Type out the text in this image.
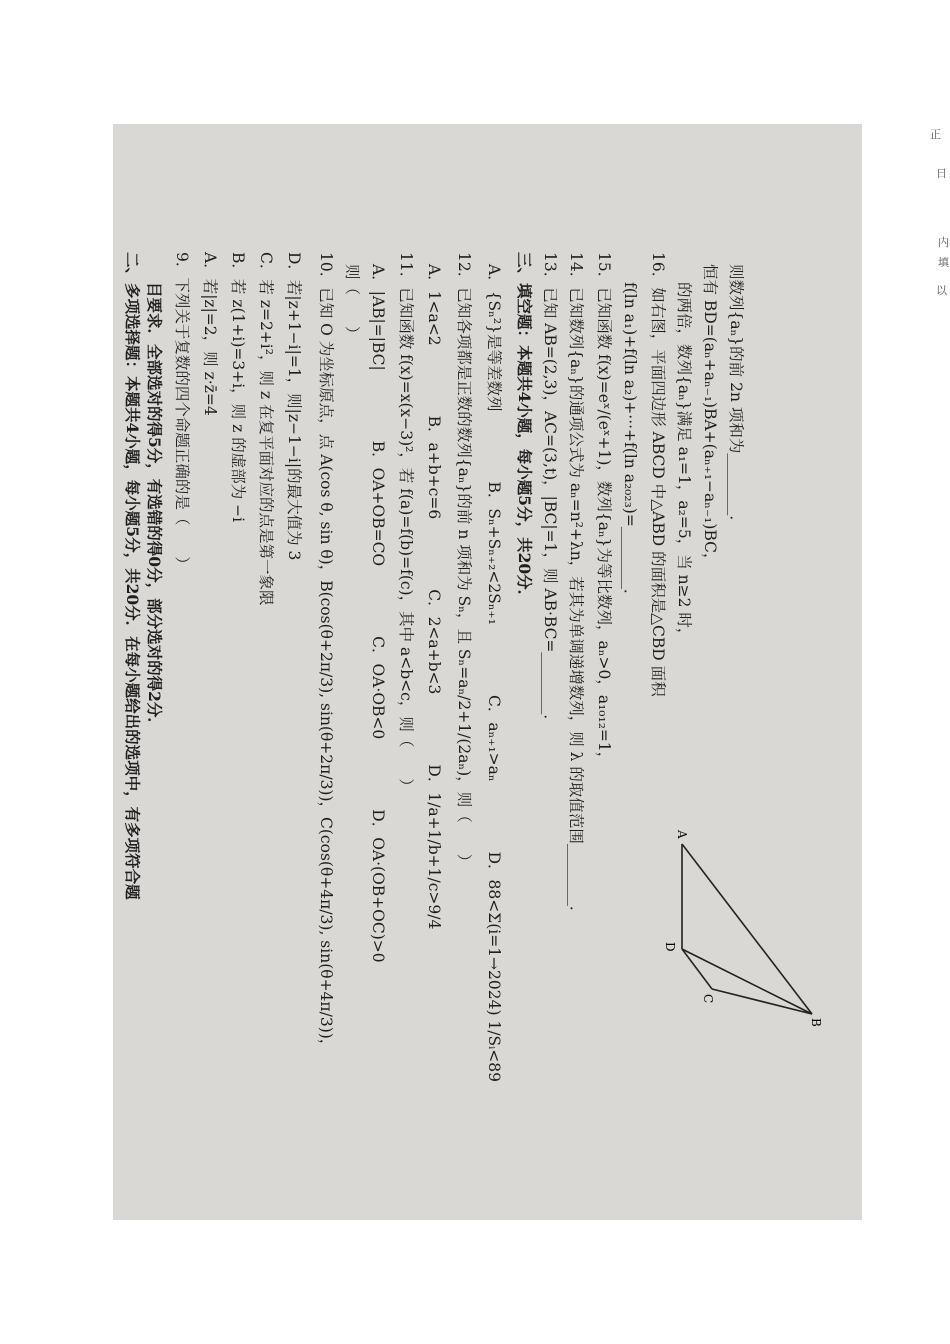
正
日
内
填
以
二、多项选择题：本题共4小题，每小题5分，共20分．在每小题给出的选项中，有多项符合题 目要求．全部选对的得5分，有选错的得0分，部分选对的得2分． 9．下列关于复数的四个命题正确的是（　　） A．若|z|=2，则 z·z̄=4 B．若 z(1+i)=3+i，则 z 的虚部为 −i C．若 z=2+i²，则 z 在复平面对应的点是第一象限 D．若|z+1−i|=1，则|z−1−i|的最大值为 3 10．已知 O 为坐标原点，点 A(cos θ, sin θ)，B(cos(θ+2π/3), sin(θ+2π/3))，C(cos(θ+4π/3), sin(θ+4π/3))， 则（　　） A．|AB|=|BC|B．OA+OB=COC．OA·OB<0D．OA·(OB+OC)>0
11．已知函数 f(x)=x(x−3)²，若 f(a)=f(b)=f(c)，其中 a<b<c，则（　　） A．1<a<2B．a+b+c=6C．2<a+b<3D．1/a+1/b+1/c>9/4 12．已知各项都是正数的数列{aₙ}的前 n 项和为 Sₙ，且 Sₙ=aₙ/2+1/(2aₙ)，则（　　） A．{Sₙ²}是等差数列B．Sₙ+Sₙ₊₂<2Sₙ₊₁C．aₙ₊₁>aₙD．88<Σ(i=1→2024) 1/Sᵢ<89
三、填空题：本题共4小题，每小题5分，共20分． 13．已知 AB=(2,3)，AC=(3,t)，|BC|=1，则 AB·BC=________． 14．已知数列{aₙ}的通项公式为 aₙ=n²+λn，若其为单调递增数列，则 λ 的取值范围________． 15．已知函数 f(x)=eˣ/(eˣ+1)，数列{aₙ}为等比数列，aₙ>0，a₁₀₁₂=1， f(ln a₁)+f(ln a₂)+···+f(ln a₂₀₂₃)=________． 16．如右图，平面四边形 ABCD 中△ABD 的面积是△CBD 面积 的两倍，数列{aₙ}满足 a₁=1，a₂=5，当 n≥2 时， 恒有 BD=(aₙ+aₙ₋₁)BA+(aₙ₊₁−aₙ₋₁)BC， 则数列{aₙ}的前 2n 项和为________．
A
D
B
C
